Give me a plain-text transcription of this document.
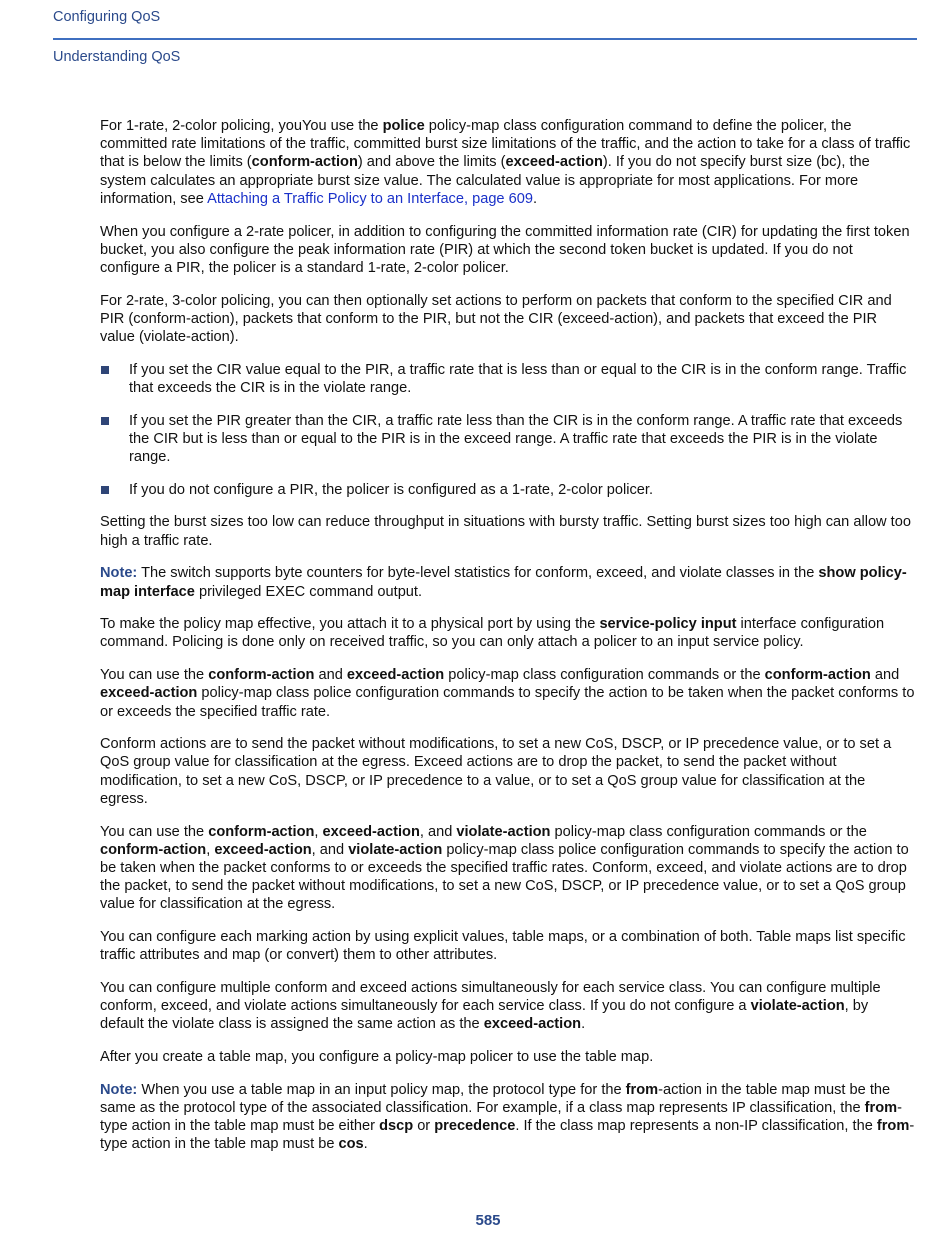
Configuring QoS
Understanding QoS

For 1-rate, 2-color policing, youYou use the police policy-map class configuration command to define the policer, the committed rate limitations of the traffic, committed burst size limitations of the traffic, and the action to take for a class of traffic that is below the limits (conform-action) and above the limits (exceed-action). If you do not specify burst size (bc), the system calculates an appropriate burst size value. The calculated value is appropriate for most applications. For more information, see Attaching a Traffic Policy to an Interface, page 609.

When you configure a 2-rate policer, in addition to configuring the committed information rate (CIR) for updating the first token bucket, you also configure the peak information rate (PIR) at which the second token bucket is updated. If you do not configure a PIR, the policer is a standard 1-rate, 2-color policer.

For 2-rate, 3-color policing, you can then optionally set actions to perform on packets that conform to the specified CIR and PIR (conform-action), packets that conform to the PIR, but not the CIR (exceed-action), and packets that exceed the PIR value (violate-action).

If you set the CIR value equal to the PIR, a traffic rate that is less than or equal to the CIR is in the conform range. Traffic that exceeds the CIR is in the violate range.
If you set the PIR greater than the CIR, a traffic rate less than the CIR is in the conform range. A traffic rate that exceeds the CIR but is less than or equal to the PIR is in the exceed range. A traffic rate that exceeds the PIR is in the violate range.
If you do not configure a PIR, the policer is configured as a 1-rate, 2-color policer.

Setting the burst sizes too low can reduce throughput in situations with bursty traffic. Setting burst sizes too high can allow too high a traffic rate.

Note: The switch supports byte counters for byte-level statistics for conform, exceed, and violate classes in the show policy-map interface privileged EXEC command output.

To make the policy map effective, you attach it to a physical port by using the service-policy input interface configuration command. Policing is done only on received traffic, so you can only attach a policer to an input service policy.

You can use the conform-action and exceed-action policy-map class configuration commands or the conform-action and exceed-action policy-map class police configuration commands to specify the action to be taken when the packet conforms to or exceeds the specified traffic rate.

Conform actions are to send the packet without modifications, to set a new CoS, DSCP, or IP precedence value, or to set a QoS group value for classification at the egress. Exceed actions are to drop the packet, to send the packet without modification, to set a new CoS, DSCP, or IP precedence to a value, or to set a QoS group value for classification at the egress.

You can use the conform-action, exceed-action, and violate-action policy-map class configuration commands or the conform-action, exceed-action, and violate-action policy-map class police configuration commands to specify the action to be taken when the packet conforms to or exceeds the specified traffic rates. Conform, exceed, and violate actions are to drop the packet, to send the packet without modifications, to set a new CoS, DSCP, or IP precedence value, or to set a QoS group value for classification at the egress.

You can configure each marking action by using explicit values, table maps, or a combination of both. Table maps list specific traffic attributes and map (or convert) them to other attributes.

You can configure multiple conform and exceed actions simultaneously for each service class. You can configure multiple conform, exceed, and violate actions simultaneously for each service class. If you do not configure a violate-action, by default the violate class is assigned the same action as the exceed-action.

After you create a table map, you configure a policy-map policer to use the table map.

Note: When you use a table map in an input policy map, the protocol type for the from-action in the table map must be the same as the protocol type of the associated classification. For example, if a class map represents IP classification, the from-type action in the table map must be either dscp or precedence. If the class map represents a non-IP classification, the from-type action in the table map must be cos.

585
